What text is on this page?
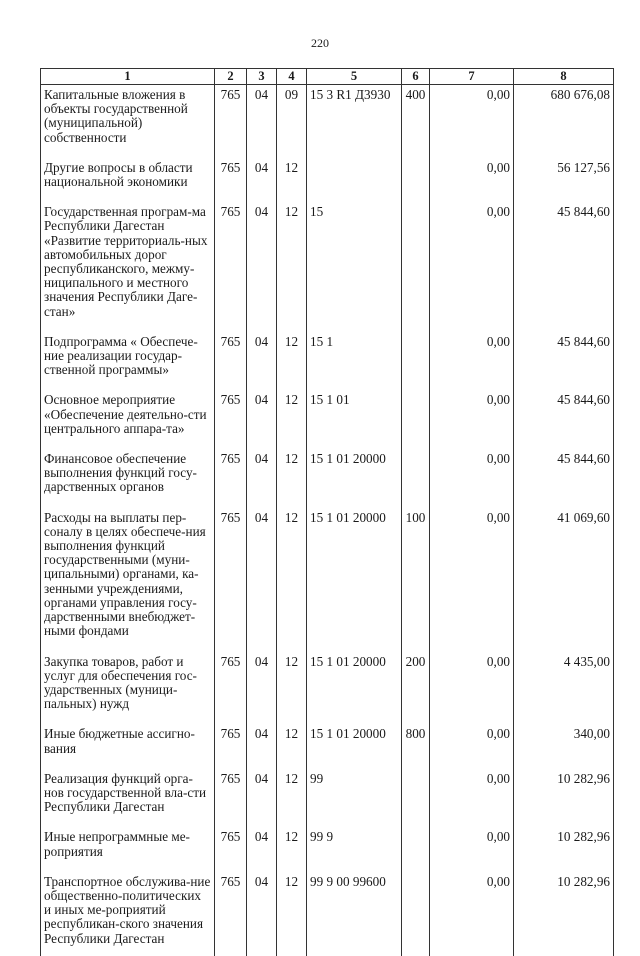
220
1	2	3	4	5	6	7	8
Капитальные вложения в объекты государственной (муниципальной) собственности	765	04	09	15 3 R1 Д3930	400	0,00	680 676,08
Другие вопросы в области национальной экономики	765	04	12			0,00	56 127,56
Государственная програм-ма Республики Дагестан «Развитие территориаль-ных автомобильных дорог республиканского, межму-ниципального и местного значения Республики Даге-стан»	765	04	12	15		0,00	45 844,60
Подпрограмма « Обеспече-ние реализации государ-ственной программы»	765	04	12	15 1		0,00	45 844,60
Основное мероприятие «Обеспечение деятельно-сти центрального аппара-та»	765	04	12	15 1 01		0,00	45 844,60
Финансовое обеспечение выполнения функций госу-дарственных органов	765	04	12	15 1 01 20000		0,00	45 844,60
Расходы на выплаты пер-соналу в целях обеспече-ния выполнения функций государственными (муни-ципальными) органами, ка-зенными учреждениями, органами управления госу-дарственными внебюджет-ными фондами	765	04	12	15 1 01 20000	100	0,00	41 069,60
Закупка товаров, работ и услуг для обеспечения гос-ударственных (муници-пальных) нужд	765	04	12	15 1 01 20000	200	0,00	4 435,00
Иные бюджетные ассигно-вания	765	04	12	15 1 01 20000	800	0,00	340,00
Реализация функций орга-нов государственной вла-сти Республики Дагестан	765	04	12	99		0,00	10 282,96
Иные непрограммные ме-роприятия	765	04	12	99 9		0,00	10 282,96
Транспортное обслужива-ние общественно-политических и иных ме-роприятий республикан-ского значения Республики Дагестан	765	04	12	99 9 00 99600		0,00	10 282,96
